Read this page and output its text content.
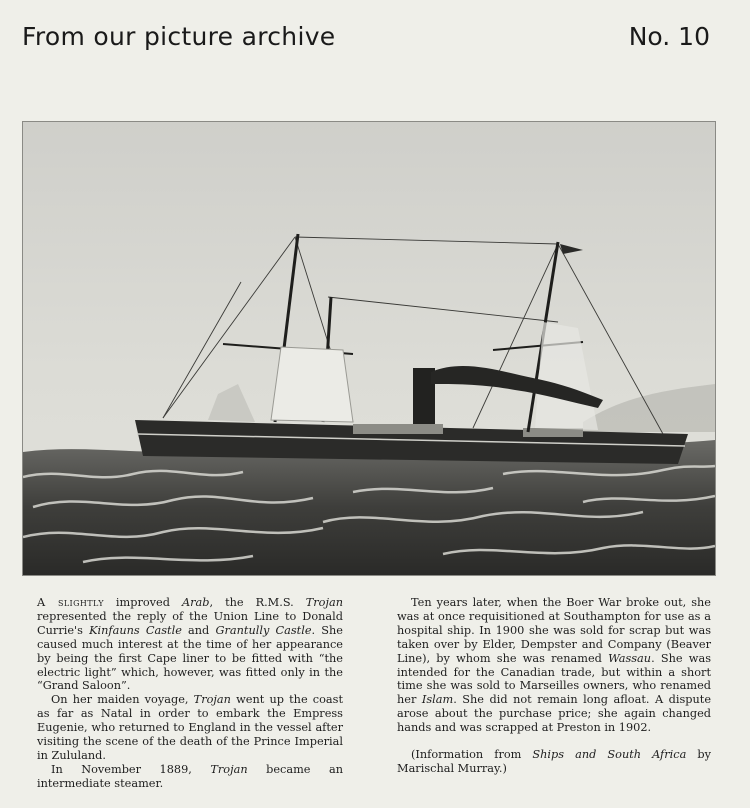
From our picture archive	No. 10

A slightly improved Arab, the R.M.S. Trojan represented the reply of the Union Line to Donald Currie's Kinfauns Castle and Grantully Castle. She caused much interest at the time of her appearance by being the first Cape liner to be fitted with “the electric light” which, however, was fitted only in the “Grand Saloon”.

On her maiden voyage, Trojan went up the coast as far as Natal in order to embark the Empress Eugenie, who returned to England in the vessel after visiting the scene of the death of the Prince Imperial in Zululand.

In November 1889, Trojan became an intermediate steamer.

Ten years later, when the Boer War broke out, she was at once requisitioned at Southampton for use as a hospital ship. In 1900 she was sold for scrap but was taken over by Elder, Dempster and Company (Beaver Line), by whom she was renamed Wassau. She was intended for the Canadian trade, but within a short time she was sold to Marseilles owners, who renamed her Islam. She did not remain long afloat. A dispute arose about the purchase price; she again changed hands and was scrapped at Preston in 1902.

(Information from Ships and South Africa by Marischal Murray.)
